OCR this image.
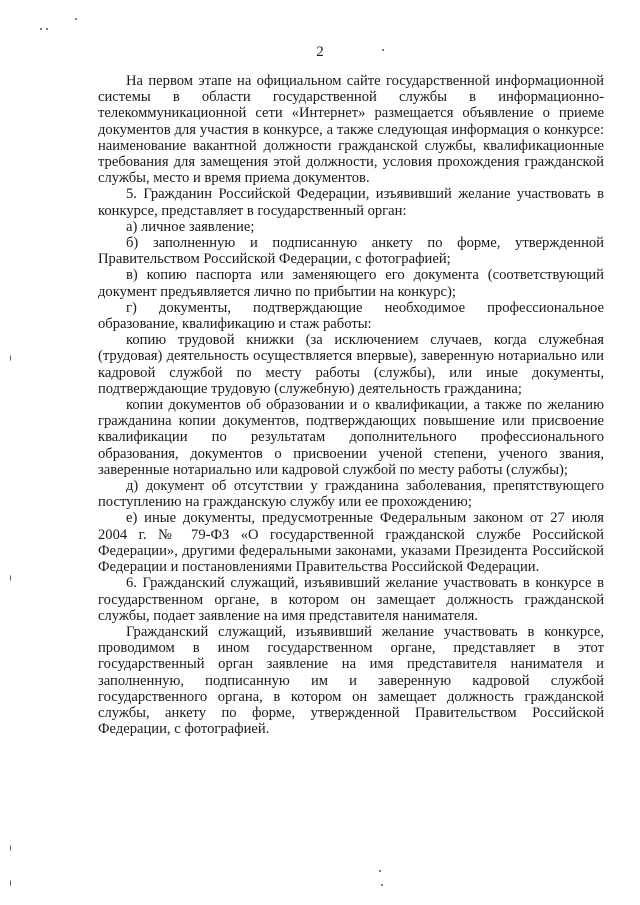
2

На первом этапе на официальном сайте государственной информационной системы в области государственной службы в информационно-телекоммуникационной сети «Интернет» размещается объявление о приеме документов для участия в конкурсе, а также следующая информация о конкурсе: наименование вакантной должности гражданской службы, квалификационные требования для замещения этой должности, условия прохождения гражданской службы, место и время приема документов.

5. Гражданин Российской Федерации, изъявивший желание участвовать в конкурсе, представляет в государственный орган:

а) личное заявление;

б) заполненную и подписанную анкету по форме, утвержденной Правительством Российской Федерации, с фотографией;

в) копию паспорта или заменяющего его документа (соответствующий документ предъявляется лично по прибытии на конкурс);

г) документы, подтверждающие необходимое профессиональное образование, квалификацию и стаж работы:

копию трудовой книжки (за исключением случаев, когда служебная (трудовая) деятельность осуществляется впервые), заверенную нотариально или кадровой службой по месту работы (службы), или иные документы, подтверждающие трудовую (служебную) деятельность гражданина;

копии документов об образовании и о квалификации, а также по желанию гражданина копии документов, подтверждающих повышение или присвоение квалификации по результатам дополнительного профессионального образования, документов о присвоении ученой степени, ученого звания, заверенные нотариально или кадровой службой по месту работы (службы);

д) документ об отсутствии у гражданина заболевания, препятствующего поступлению на гражданскую службу или ее прохождению;

е) иные документы, предусмотренные Федеральным законом от 27 июля 2004 г. № 79-ФЗ «О государственной гражданской службе Российской Федерации», другими федеральными законами, указами Президента Российской Федерации и постановлениями Правительства Российской Федерации.

6. Гражданский служащий, изъявивший желание участвовать в конкурсе в государственном органе, в котором он замещает должность гражданской службы, подает заявление на имя представителя нанимателя.

Гражданский служащий, изъявивший желание участвовать в конкурсе, проводимом в ином государственном органе, представляет в этот государственный орган заявление на имя представителя нанимателя и заполненную, подписанную им и заверенную кадровой службой государственного органа, в котором он замещает должность гражданской службы, анкету по форме, утвержденной Правительством Российской Федерации, с фотографией.
